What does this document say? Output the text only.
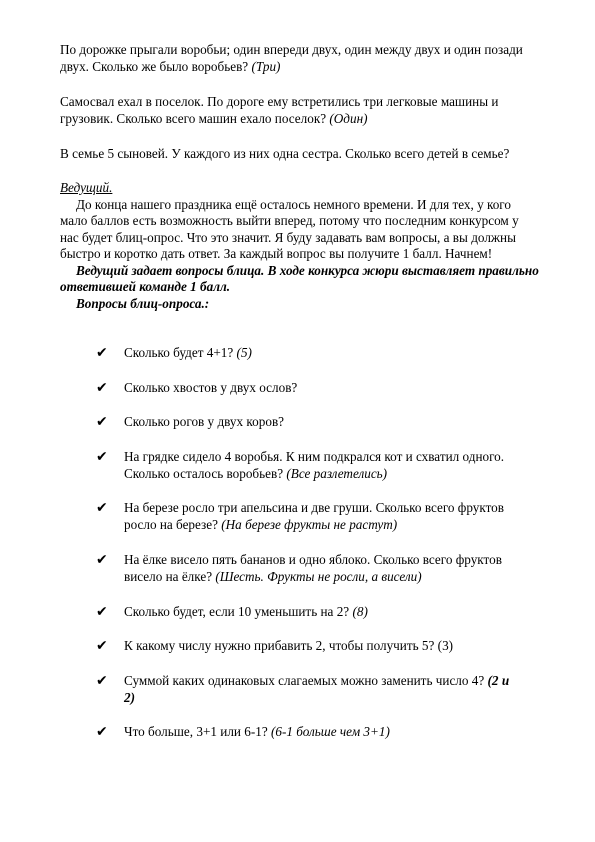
По дорожке прыгали воробьи; один впереди двух, один между двух и один позади двух. Сколько же было воробьев? (Три)
Самосвал ехал в поселок. По дороге ему встретились три легковые машины и грузовик. Сколько всего машин ехало поселок? (Один)
В семье 5 сыновей. У каждого из них одна сестра. Сколько всего детей в семье?
Ведущий.
До конца нашего праздника ещё осталось немного времени. И для тех, у кого мало баллов есть возможность выйти вперед, потому что последним конкурсом у нас будет блиц-опрос. Что это значит. Я буду задавать вам вопросы, а вы должны быстро и коротко дать ответ. За каждый вопрос вы получите 1 балл. Начнем!
Ведущий задает вопросы блица. В ходе конкурса жюри выставляет правильно ответившей команде 1 балл.
Вопросы блиц-опроса.:
✔	Сколько будет 4+1? (5)
✔	Сколько хвостов у двух ослов?
✔	Сколько рогов у двух коров?
✔	На грядке сидело 4 воробья. К ним подкрался кот и схватил одного. Сколько осталось воробьев? (Все разлетелись)
✔	На березе росло три апельсина и две груши. Сколько всего фруктов росло на березе? (На березе фрукты не растут)
✔	На ёлке висело пять бананов и одно яблоко. Сколько всего фруктов висело на ёлке? (Шесть. Фрукты не росли, а висели)
✔	Сколько будет, если 10 уменьшить на 2? (8)
✔	К какому числу нужно прибавить 2, чтобы получить 5? (3)
✔	Суммой каких одинаковых слагаемых можно заменить число 4? (2 и 2)
✔	Что больше, 3+1 или 6-1? (6-1 больше чем 3+1)
